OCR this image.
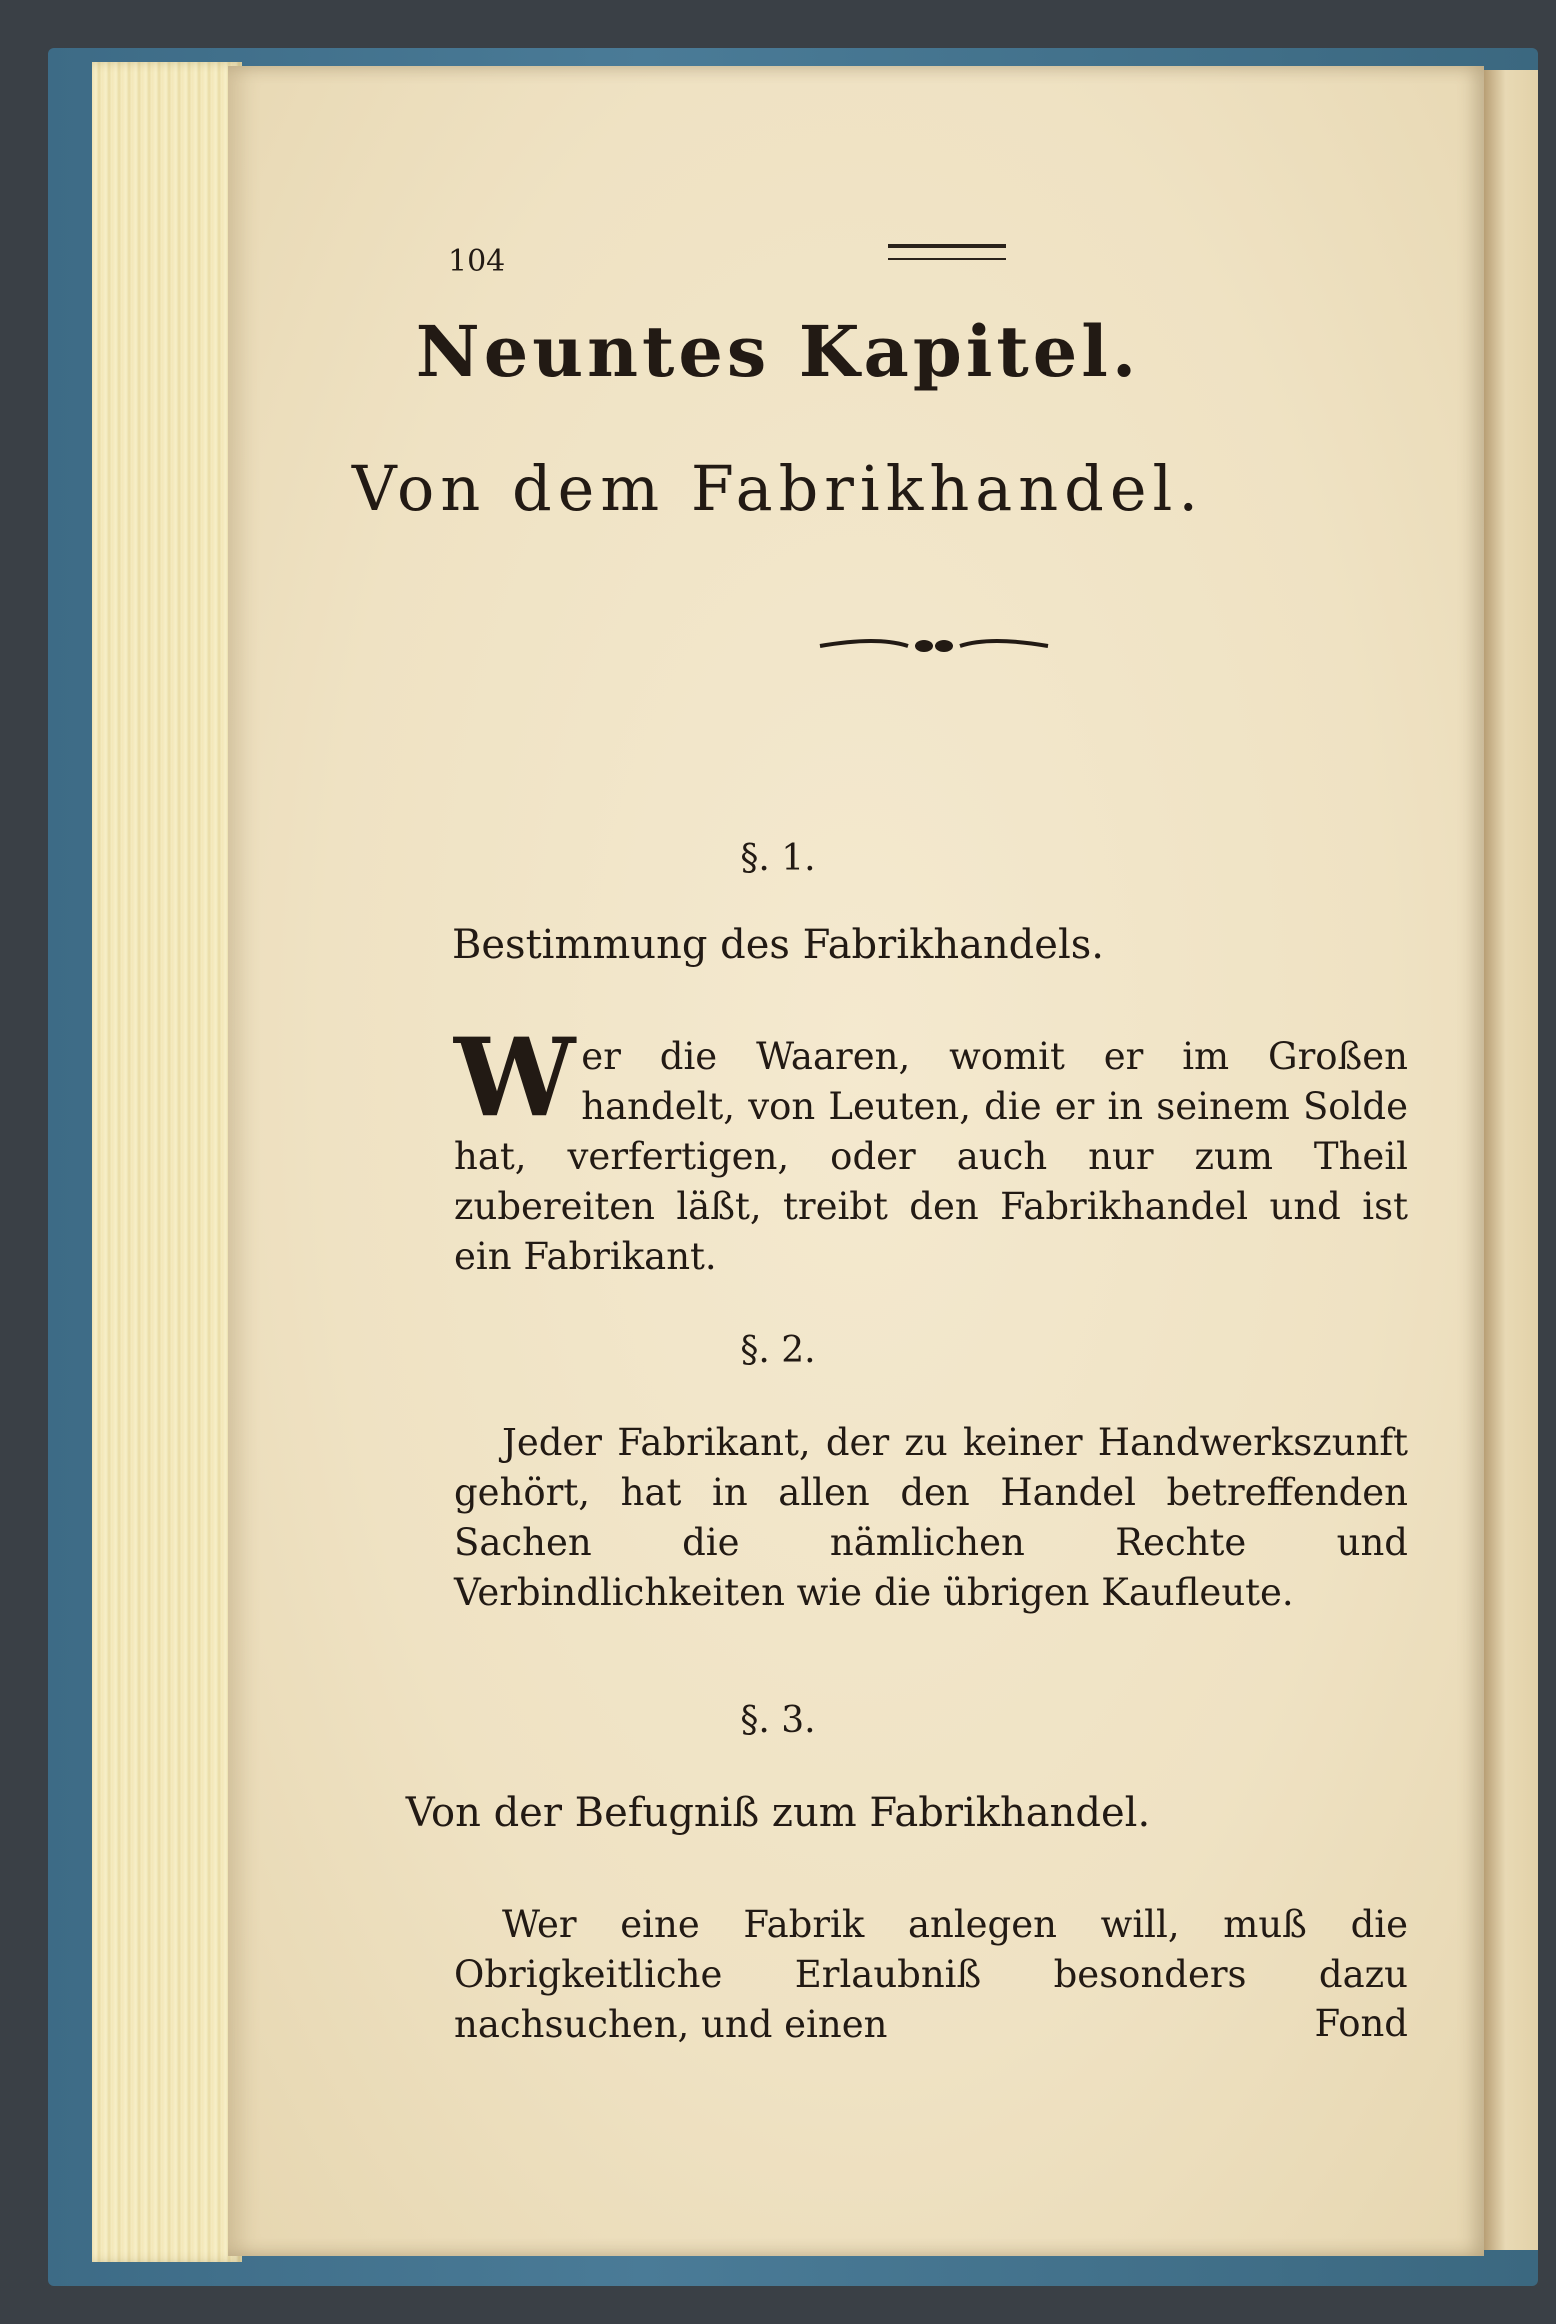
104
Neuntes Kapitel.
Von dem Fabrikhandel.
§. 1.
Bestimmung des Fabrikhandels.

Wer die Waaren, womit er im Großen handelt, von Leuten, die er in seinem Solde hat, verfertigen, oder auch nur zum Theil zubereiten läßt, treibt den Fabrikhandel und ist ein Fabrikant.

§. 2.

Jeder Fabrikant, der zu keiner Handwerkszunft gehört, hat in allen den Handel betreffenden Sachen die nämlichen Rechte und Verbindlichkeiten wie die übrigen Kaufleute.

§. 3.
Von der Befugniß zum Fabrikhandel.

Wer eine Fabrik anlegen will, muß die Obrigkeitliche Erlaubniß besonders dazu nachsuchen, und einen	Fond
